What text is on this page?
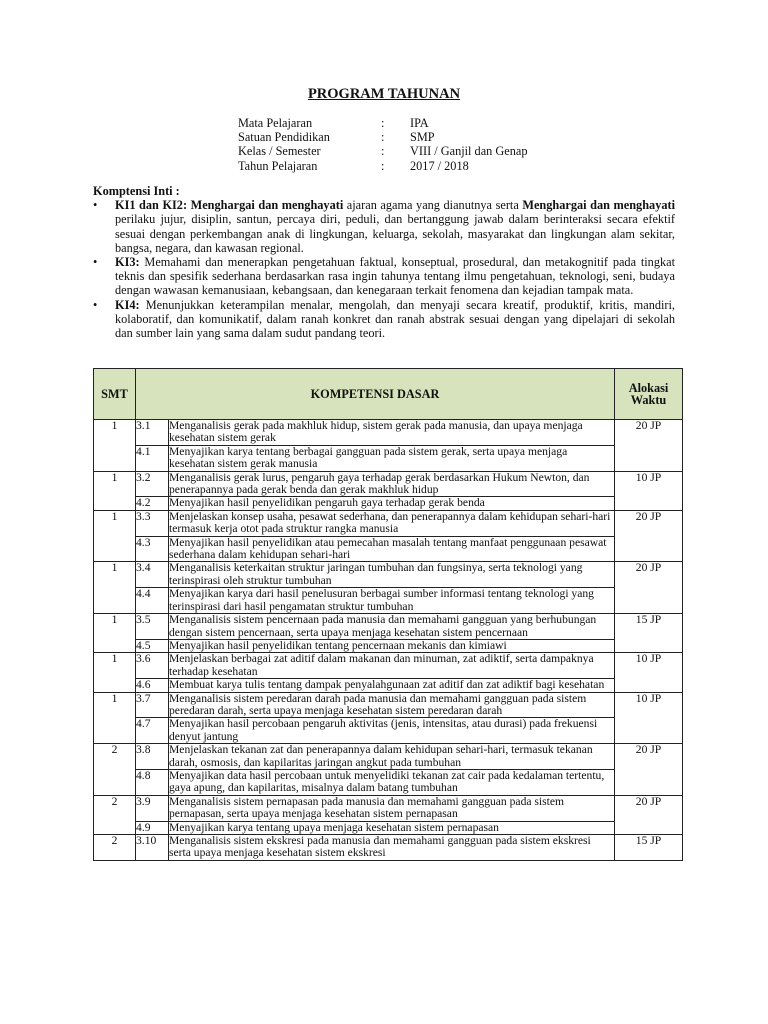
PROGRAM TAHUNAN
Mata Pelajaran	:	IPA
Satuan Pendidikan	:	SMP
Kelas / Semester	:	VIII / Ganjil dan Genap
Tahun Pelajaran	:	2017 / 2018
Komptensi Inti :
• KI1 dan KI2: Menghargai dan menghayati ajaran agama yang dianutnya serta Menghargai dan menghayati perilaku jujur, disiplin, santun, percaya diri, peduli, dan bertanggung jawab dalam berinteraksi secara efektif sesuai dengan perkembangan anak di lingkungan, keluarga, sekolah, masyarakat dan lingkungan alam sekitar, bangsa, negara, dan kawasan regional.
• KI3: Memahami dan menerapkan pengetahuan faktual, konseptual, prosedural, dan metakognitif pada tingkat teknis dan spesifik sederhana berdasarkan rasa ingin tahunya tentang ilmu pengetahuan, teknologi, seni, budaya dengan wawasan kemanusiaan, kebangsaan, dan kenegaraan terkait fenomena dan kejadian tampak mata.
• KI4: Menunjukkan keterampilan menalar, mengolah, dan menyaji secara kreatif, produktif, kritis, mandiri, kolaboratif, dan komunikatif, dalam ranah konkret dan ranah abstrak sesuai dengan yang dipelajari di sekolah dan sumber lain yang sama dalam sudut pandang teori.
SMT	KOMPETENSI DASAR		Alokasi Waktu
1	3.1	Menganalisis gerak pada makhluk hidup, sistem gerak pada manusia, dan upaya menjaga kesehatan sistem gerak	20 JP
	4.1	Menyajikan karya tentang berbagai gangguan pada sistem gerak, serta upaya menjaga kesehatan sistem gerak manusia	
1	3.2	Menganalisis gerak lurus, pengaruh gaya terhadap gerak berdasarkan Hukum Newton, dan penerapannya pada gerak benda dan gerak makhluk hidup	10 JP
	4.2	Menyajikan hasil penyelidikan pengaruh gaya terhadap gerak benda	
1	3.3	Menjelaskan konsep usaha, pesawat sederhana, dan penerapannya dalam kehidupan sehari-hari termasuk kerja otot pada struktur rangka manusia	20 JP
	4.3	Menyajikan hasil penyelidikan atau pemecahan masalah tentang manfaat penggunaan pesawat sederhana dalam kehidupan sehari-hari	
1	3.4	Menganalisis keterkaitan struktur jaringan tumbuhan dan fungsinya, serta teknologi yang terinspirasi oleh struktur tumbuhan	20 JP
	4.4	Menyajikan karya dari hasil penelusuran berbagai sumber informasi tentang teknologi yang terinspirasi dari hasil pengamatan struktur tumbuhan	
1	3.5	Menganalisis sistem pencernaan pada manusia dan memahami gangguan yang berhubungan dengan sistem pencernaan, serta upaya menjaga kesehatan sistem pencernaan	15 JP
	4.5	Menyajikan hasil penyelidikan tentang pencernaan mekanis dan kimiawi	
1	3.6	Menjelaskan berbagai zat aditif dalam makanan dan minuman, zat adiktif, serta dampaknya terhadap kesehatan	10 JP
	4.6	Membuat karya tulis tentang dampak penyalahgunaan zat aditif dan zat adiktif bagi kesehatan	
1	3.7	Menganalisis sistem peredaran darah pada manusia dan memahami gangguan pada sistem peredaran darah, serta upaya menjaga kesehatan sistem peredaran darah	10 JP
	4.7	Menyajikan hasil percobaan pengaruh aktivitas (jenis, intensitas, atau durasi) pada frekuensi denyut jantung	
2	3.8	Menjelaskan tekanan zat dan penerapannya dalam kehidupan sehari-hari, termasuk tekanan darah, osmosis, dan kapilaritas jaringan angkut pada tumbuhan	20 JP
	4.8	Menyajikan data hasil percobaan untuk menyelidiki tekanan zat cair pada kedalaman tertentu, gaya apung, dan kapilaritas, misalnya dalam batang tumbuhan	
2	3.9	Menganalisis sistem pernapasan pada manusia dan memahami gangguan pada sistem pernapasan, serta upaya menjaga kesehatan sistem pernapasan	20 JP
	4.9	Menyajikan karya tentang upaya menjaga kesehatan sistem pernapasan	
2	3.10	Menganalisis sistem ekskresi pada manusia dan memahami gangguan pada sistem ekskresi serta upaya menjaga kesehatan sistem ekskresi	15 JP
